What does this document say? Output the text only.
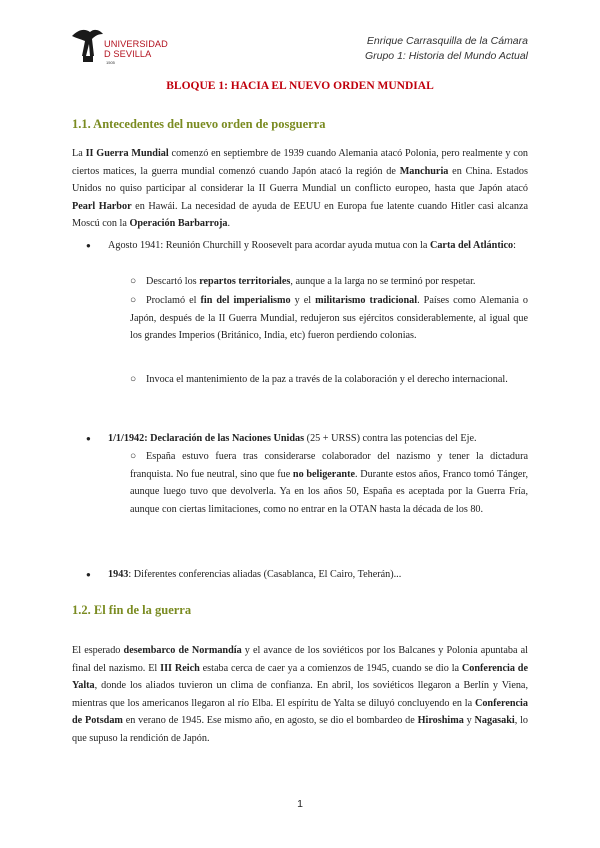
UNIVERSIDAD
D SEVILLA
1505
Enrique Carrasquilla de la Cámara
Grupo 1: Historia del Mundo Actual
BLOQUE 1: HACIA EL NUEVO ORDEN MUNDIAL
1.1. Antecedentes del nuevo orden de posguerra
La II Guerra Mundial comenzó en septiembre de 1939 cuando Alemania atacó Polonia, pero realmente y con ciertos matices, la guerra mundial comenzó cuando Japón atacó la región de Manchuria en China. Estados Unidos no quiso participar al considerar la II Guerra Mundial un conflicto europeo, hasta que Japón atacó Pearl Harbor en Hawái. La necesidad de ayuda de EEUU en Europa fue latente cuando Hitler casi alcanza Moscú con la Operación Barbarroja.
●	Agosto 1941: Reunión Churchill y Roosevelt para acordar ayuda mutua con la Carta del Atlántico:
○ Descartó los repartos territoriales, aunque a la larga no se terminó por respetar.
○ Proclamó el fin del imperialismo y el militarismo tradicional. Países como Alemania o Japón, después de la II Guerra Mundial, redujeron sus ejércitos considerablemente, al igual que los grandes Imperios (Británico, India, etc) fueron perdiendo colonias.
○ Invoca el mantenimiento de la paz a través de la colaboración y el derecho internacional.
●	1/1/1942: Declaración de las Naciones Unidas (25 + URSS) contra las potencias del Eje.
○ España estuvo fuera tras considerarse colaborador del nazismo y tener la dictadura franquista. No fue neutral, sino que fue no beligerante. Durante estos años, Franco tomó Tánger, aunque luego tuvo que devolverla. Ya en los años 50, España es aceptada por la Guerra Fría, aunque con ciertas limitaciones, como no entrar en la OTAN hasta la década de los 80.
●	1943: Diferentes conferencias aliadas (Casablanca, El Cairo, Teherán)...
1.2. El fin de la guerra
El esperado desembarco de Normandía y el avance de los soviéticos por los Balcanes y Polonia apuntaba al final del nazismo. El III Reich estaba cerca de caer ya a comienzos de 1945, cuando se dio la Conferencia de Yalta, donde los aliados tuvieron un clima de confianza. En abril, los soviéticos llegaron a Berlín y Viena, mientras que los americanos llegaron al río Elba. El espíritu de Yalta se diluyó concluyendo en la Conferencia de Potsdam en verano de 1945. Ese mismo año, en agosto, se dio el bombardeo de Hiroshima y Nagasaki, lo que supuso la rendición de Japón.
1
